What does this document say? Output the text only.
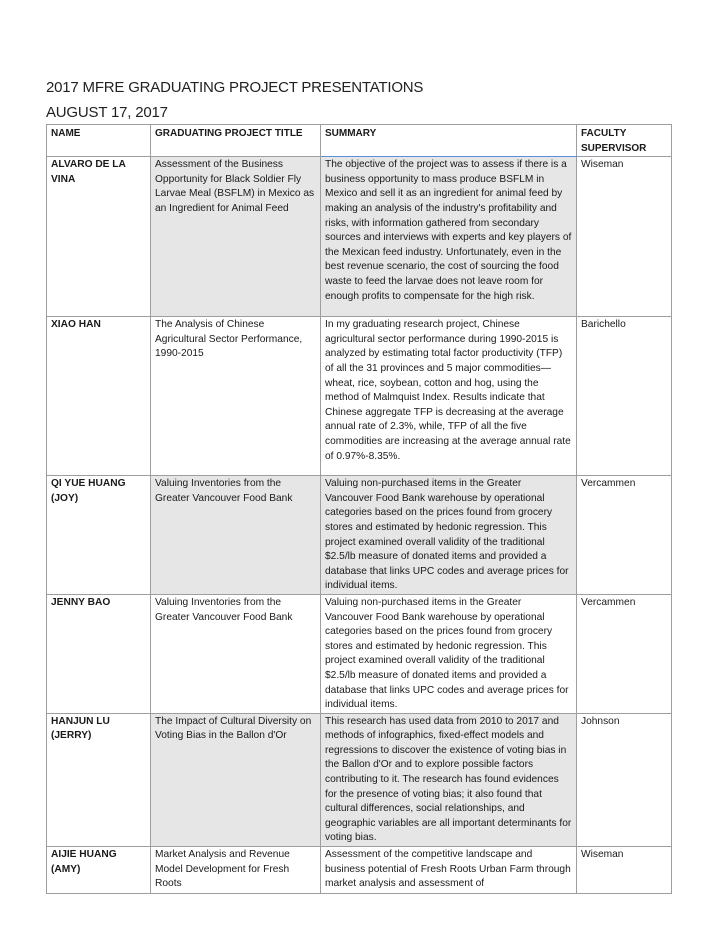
2017 MFRE GRADUATING PROJECT PRESENTATIONS
AUGUST 17, 2017
NAME	GRADUATING PROJECT TITLE	SUMMARY	FACULTY SUPERVISOR
ALVARO DE LA VINA	Assessment of the Business Opportunity for Black Soldier Fly Larvae Meal (BSFLM) in Mexico as an Ingredient for Animal Feed	The objective of the project was to assess if there is a business opportunity to mass produce BSFLM in Mexico and sell it as an ingredient for animal feed by making an analysis of the industry's profitability and risks, with information gathered from secondary sources and interviews with experts and key players of the Mexican feed industry. Unfortunately, even in the best revenue scenario, the cost of sourcing the food waste to feed the larvae does not leave room for enough profits to compensate for the high risk.	Wiseman
XIAO HAN	The Analysis of Chinese Agricultural Sector Performance, 1990-2015	In my graduating research project, Chinese agricultural sector performance during 1990-2015 is analyzed by estimating total factor productivity (TFP) of all the 31 provinces and 5 major commodities—wheat, rice, soybean, cotton and hog, using the method of Malmquist Index. Results indicate that Chinese aggregate TFP is decreasing at the average annual rate of 2.3%, while, TFP of all the five commodities are increasing at the average annual rate of 0.97%-8.35%.	Barichello
QI YUE HUANG (JOY)	Valuing Inventories from the Greater Vancouver Food Bank	Valuing non-purchased items in the Greater Vancouver Food Bank warehouse by operational categories based on the prices found from grocery stores and estimated by hedonic regression. This project examined overall validity of the traditional $2.5/lb measure of donated items and provided a database that links UPC codes and average prices for individual items.	Vercammen
JENNY BAO	Valuing Inventories from the Greater Vancouver Food Bank	Valuing non-purchased items in the Greater Vancouver Food Bank warehouse by operational categories based on the prices found from grocery stores and estimated by hedonic regression. This project examined overall validity of the traditional $2.5/lb measure of donated items and provided a database that links UPC codes and average prices for individual items.	Vercammen
HANJUN LU (JERRY)	The Impact of Cultural Diversity on Voting Bias in the Ballon d'Or	This research has used data from 2010 to 2017 and methods of infographics, fixed-effect models and regressions to discover the existence of voting bias in the Ballon d'Or and to explore possible factors contributing to it. The research has found evidences for the presence of voting bias; it also found that cultural differences, social relationships, and geographic variables are all important determinants for voting bias.	Johnson
AIJIE HUANG (AMY)	Market Analysis and Revenue Model Development for Fresh Roots	Assessment of the competitive landscape and business potential of Fresh Roots Urban Farm through market analysis and assessment of	Wiseman
